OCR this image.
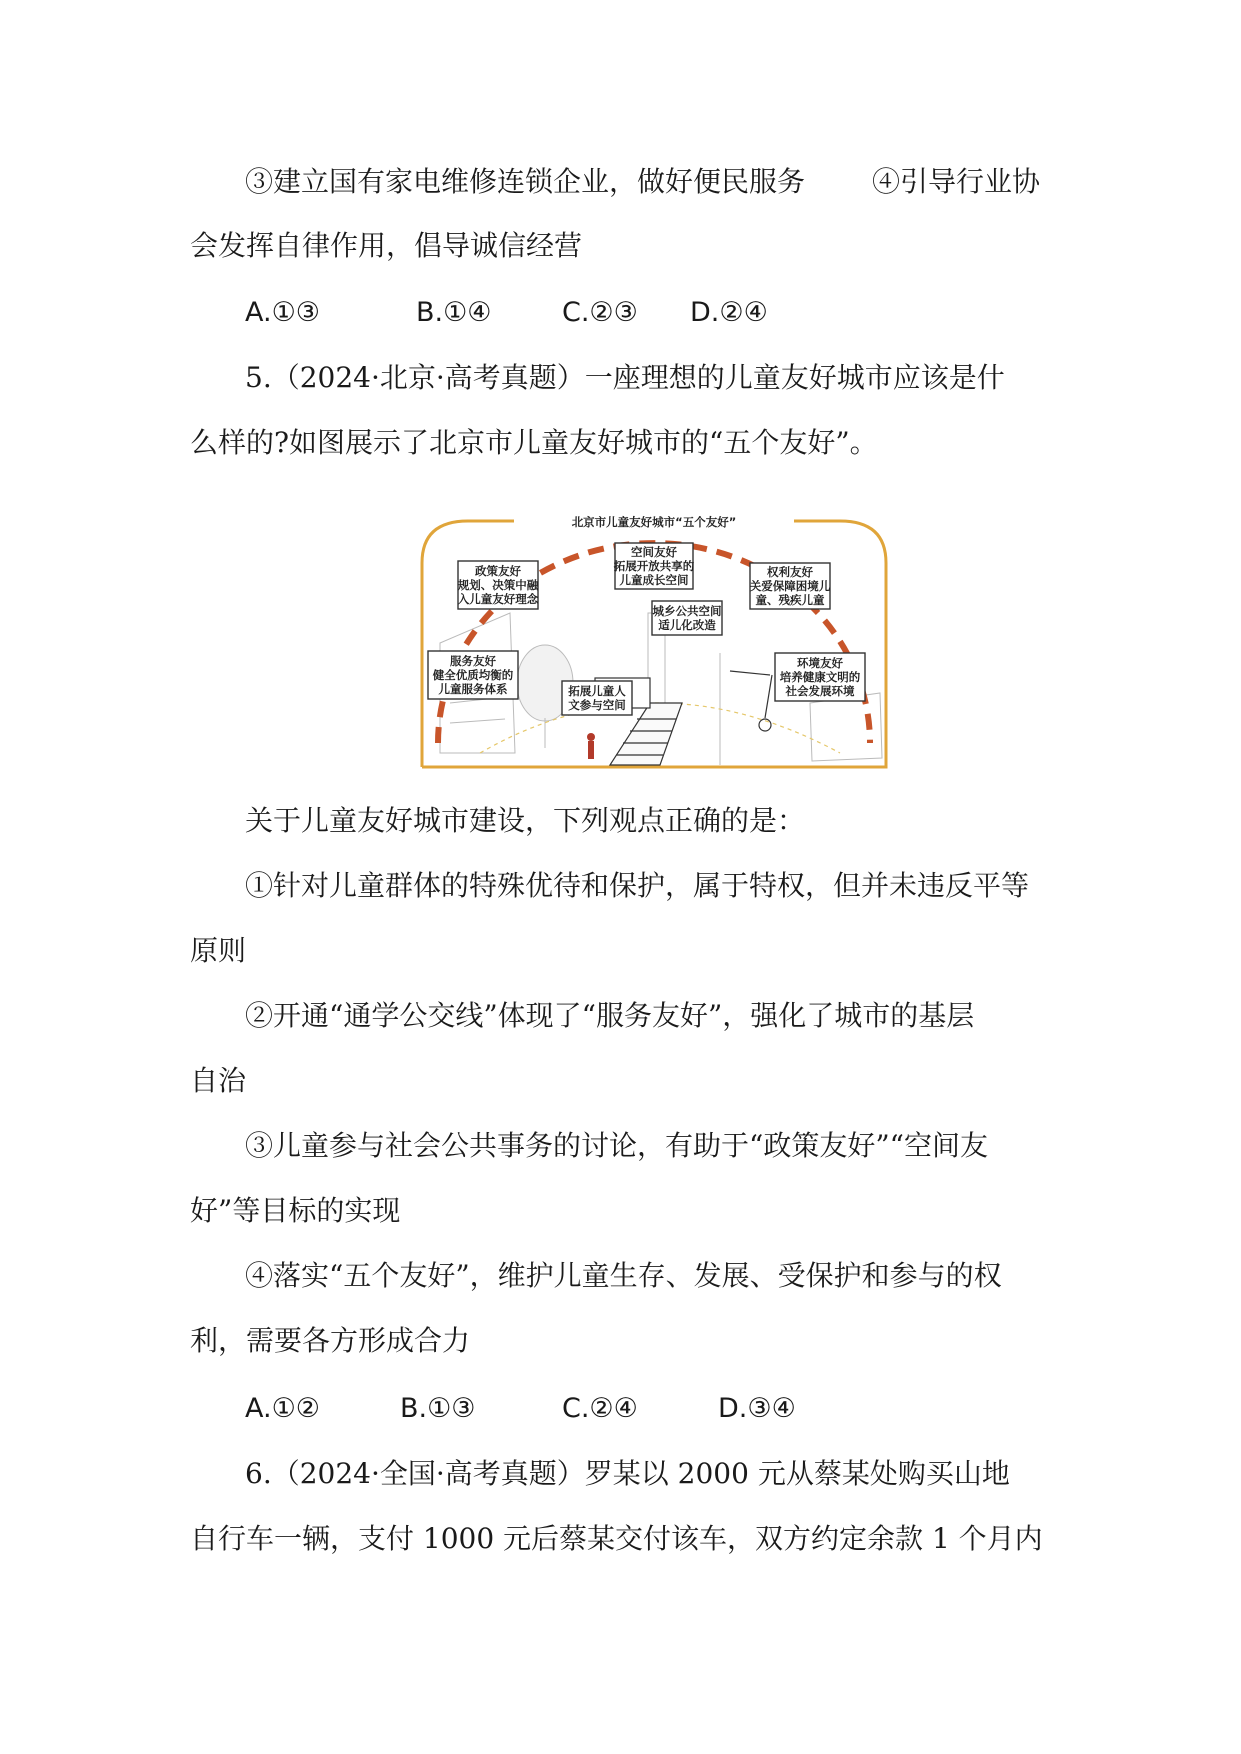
③建立国有家电维修连锁企业，做好便民服务 ④引导行业协
会发挥自律作用，倡导诚信经营
A.①③	B.①④	C.②③ D.②④
5.（2024·北京·高考真题）一座理想的儿童友好城市应该是什
么样的?如图展示了北京市儿童友好城市的“五个友好”。
北京市儿童友好城市“五个友好”
空间友好
拓展开放共享的
儿童成长空间
政策友好
规划、决策中融
入儿童友好理念
权利友好
关爱保障困境儿
童、残疾儿童
城乡公共空间
适儿化改造
服务友好
健全优质均衡的
儿童服务体系	拓展儿童人
文参与空间
环境友好
培养健康文明的
社会发展环境
关于儿童友好城市建设，下列观点正确的是：
①针对儿童群体的特殊优待和保护，属于特权，但并未违反平等
原则
②开通“通学公交线”体现了“服务友好”，强化了城市的基层
自治
③儿童参与社会公共事务的讨论，有助于“政策友好”“空间友
好”等目标的实现
④落实“五个友好”，维护儿童生存、发展、受保护和参与的权
利，需要各方形成合力
A.①②	B.①③	C.②④	D.③④
6.（2024·全国·高考真题）罗某以 2000 元从蔡某处购买山地
自行车一辆，支付 1000 元后蔡某交付该车，双方约定余款 1 个月内
